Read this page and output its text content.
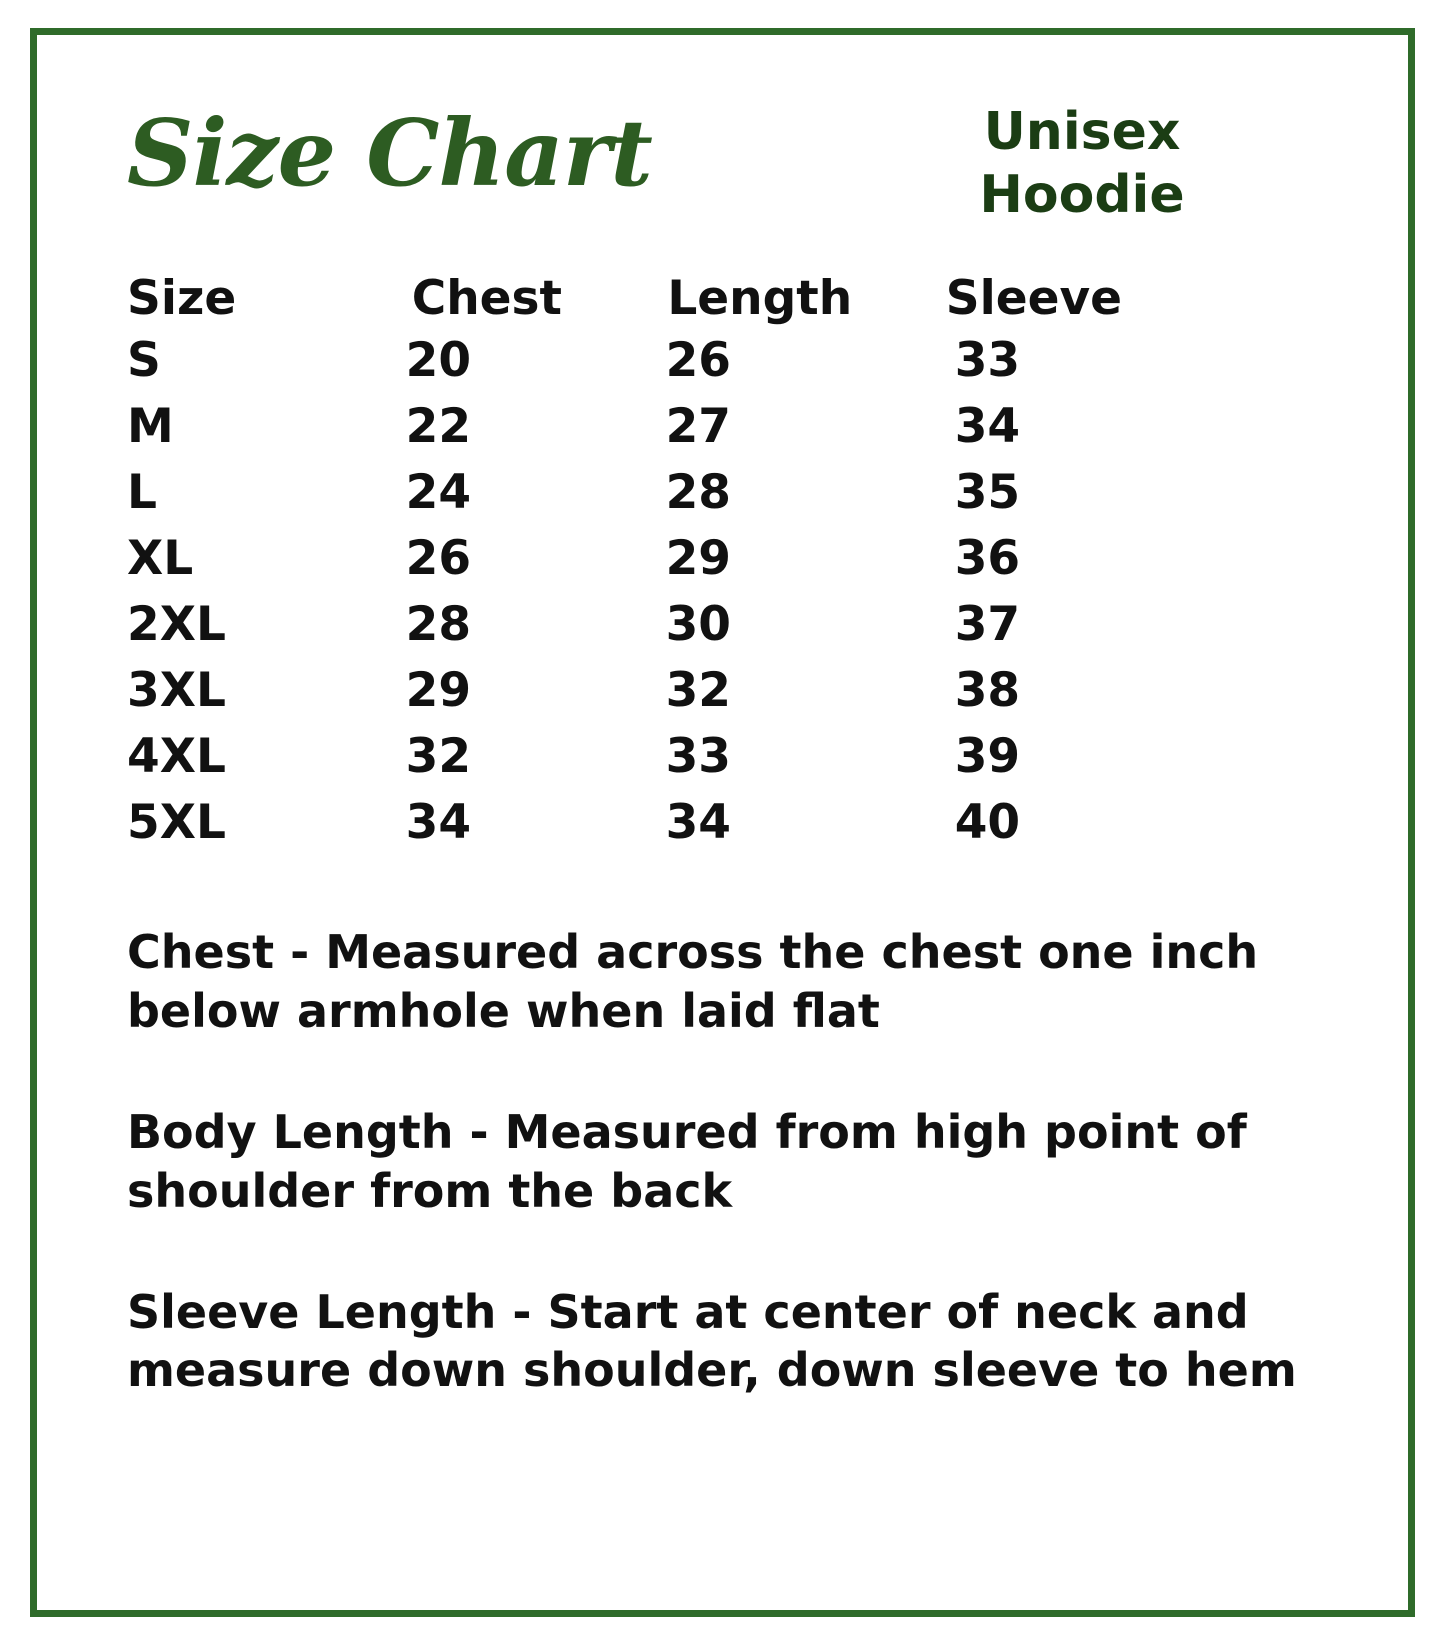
Size Chart	Unisex Hoodie
Size	Chest	Length	Sleeve
S	20	26	33
M	22	27	34
L	24	28	35
XL	26	29	36
2XL	28	30	37
3XL	29	32	38
4XL	32	33	39
5XL	34	34	40
Chest - Measured across the chest one inch below armhole when laid flat
Body Length - Measured from high point of shoulder from the back
Sleeve Length - Start at center of neck and measure down shoulder, down sleeve to hem
